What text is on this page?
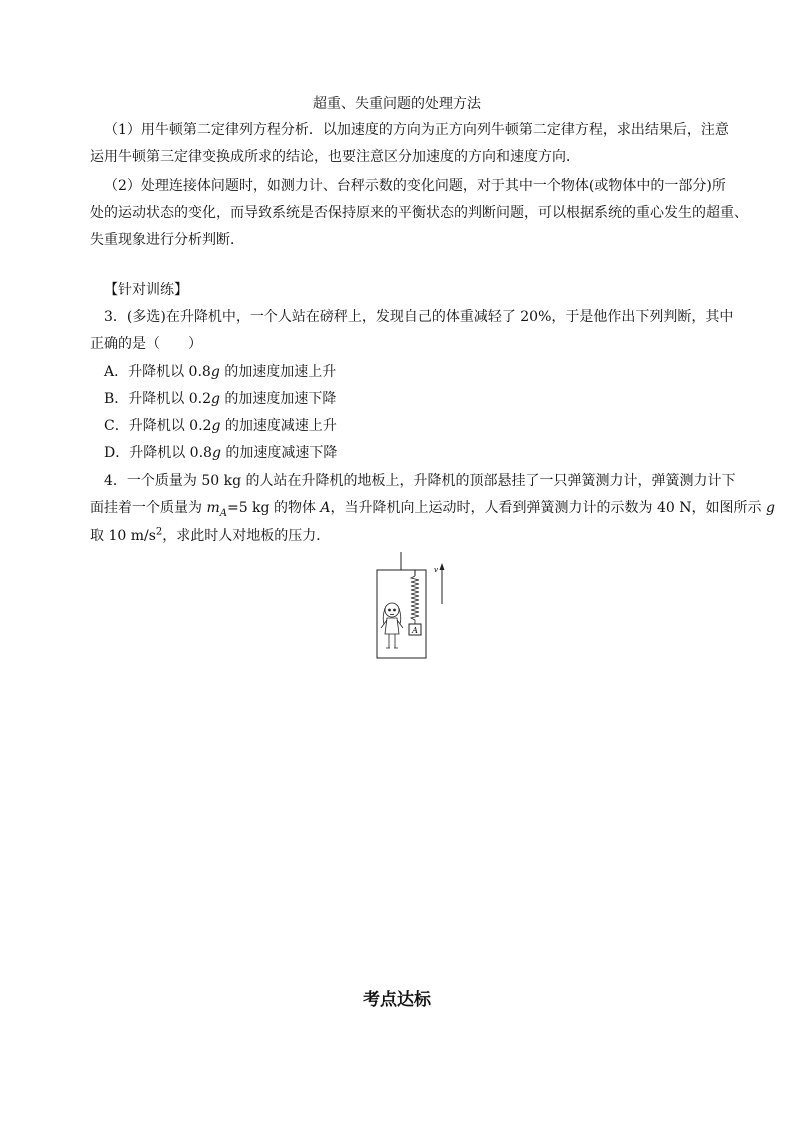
超重、失重问题的处理方法
（1）用牛顿第二定律列方程分析．以加速度的方向为正方向列牛顿第二定律方程，求出结果后，注意
运用牛顿第三定律变换成所求的结论，也要注意区分加速度的方向和速度方向．
（2）处理连接体问题时，如测力计、台秤示数的变化问题，对于其中一个物体(或物体中的一部分)所
处的运动状态的变化，而导致系统是否保持原来的平衡状态的判断问题，可以根据系统的重心发生的超重、
失重现象进行分析判断．
【针对训练】
3．(多选)在升降机中，一个人站在磅秤上，发现自己的体重减轻了 20%，于是他作出下列判断，其中
正确的是（　　）
A．升降机以 0.8g 的加速度加速上升
B．升降机以 0.2g 的加速度加速下降
C．升降机以 0.2g 的加速度减速上升
D．升降机以 0.8g 的加速度减速下降
4．一个质量为 50 kg 的人站在升降机的地板上，升降机的顶部悬挂了一只弹簧测力计，弹簧测力计下
面挂着一个质量为 $m_A=5$ kg 的物体 A，当升降机向上运动时，人看到弹簧测力计的示数为 40 N，如图所示 g
取 10 $m/s^2$，求此时人对地板的压力．
A
v
考点达标
